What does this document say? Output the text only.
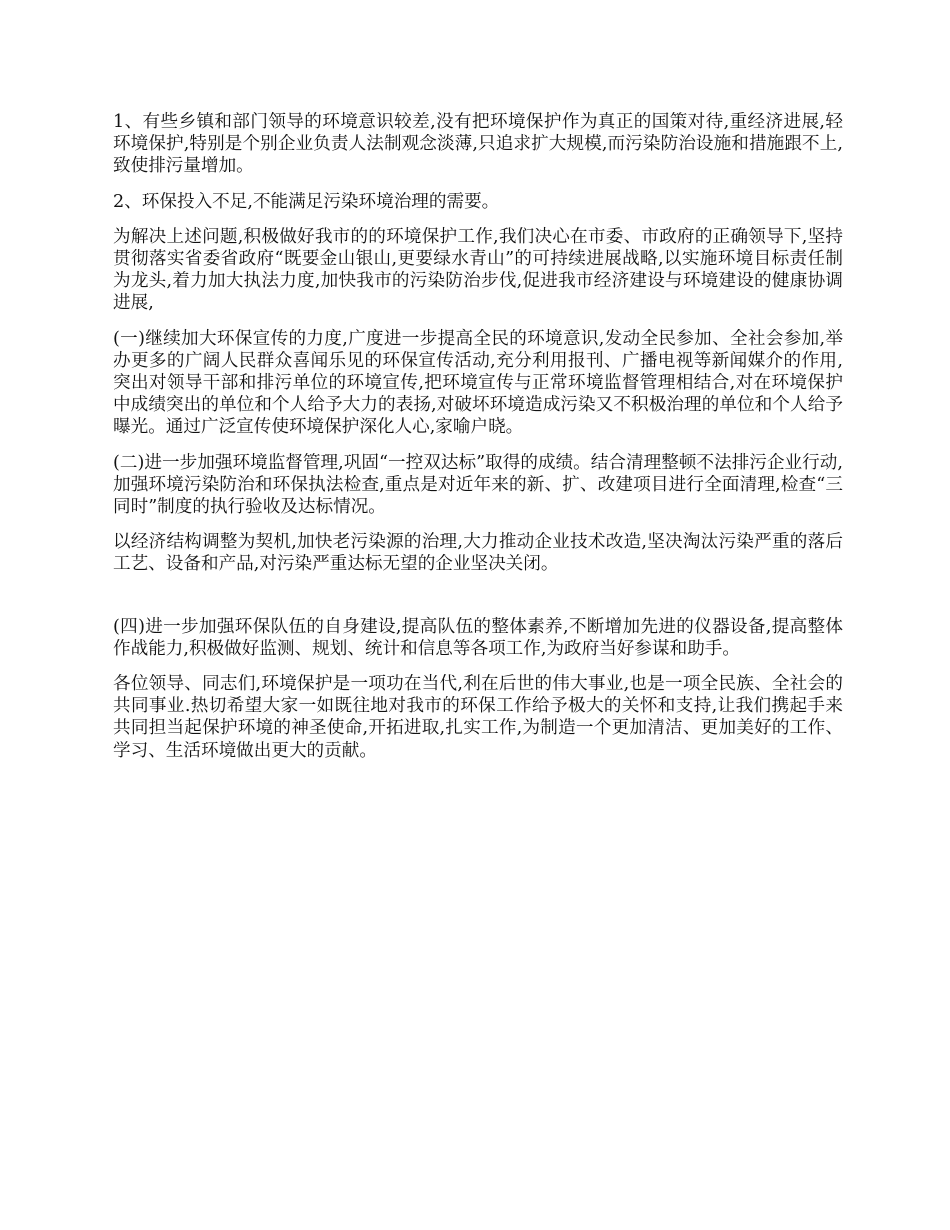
1、有些乡镇和部门领导的环境意识较差,没有把环境保护作为真正的国策对待,重经济进展,轻环境保护,特别是个别企业负责人法制观念淡薄,只追求扩大规模,而污染防治设施和措施跟不上,致使排污量增加。

2、环保投入不足,不能满足污染环境治理的需要。

为解决上述问题,积极做好我市的的环境保护工作,我们决心在市委、市政府的正确领导下,坚持贯彻落实省委省政府“既要金山银山,更要绿水青山”的可持续进展战略,以实施环境目标责任制为龙头,着力加大执法力度,加快我市的污染防治步伐,促进我市经济建设与环境建设的健康协调进展,

(一)继续加大环保宣传的力度,广度进一步提高全民的环境意识,发动全民参加、全社会参加,举办更多的广阔人民群众喜闻乐见的环保宣传活动,充分利用报刊、广播电视等新闻媒介的作用,突出对领导干部和排污单位的环境宣传,把环境宣传与正常环境监督管理相结合,对在环境保护中成绩突出的单位和个人给予大力的表扬,对破坏环境造成污染又不积极治理的单位和个人给予曝光。通过广泛宣传使环境保护深化人心,家喻户晓。

(二)进一步加强环境监督管理,巩固“一控双达标”取得的成绩。结合清理整顿不法排污企业行动,加强环境污染防治和环保执法检查,重点是对近年来的新、扩、改建项目进行全面清理,检查“三同时”制度的执行验收及达标情况。

以经济结构调整为契机,加快老污染源的治理,大力推动企业技术改造,坚决淘汰污染严重的落后工艺、设备和产品,对污染严重达标无望的企业坚决关闭。

(四)进一步加强环保队伍的自身建设,提高队伍的整体素养,不断增加先进的仪器设备,提高整体作战能力,积极做好监测、规划、统计和信息等各项工作,为政府当好参谋和助手。

各位领导、同志们,环境保护是一项功在当代,利在后世的伟大事业,也是一项全民族、全社会的共同事业.热切希望大家一如既往地对我市的环保工作给予极大的关怀和支持,让我们携起手来共同担当起保护环境的神圣使命,开拓进取,扎实工作,为制造一个更加清洁、更加美好的工作、学习、生活环境做出更大的贡献。
